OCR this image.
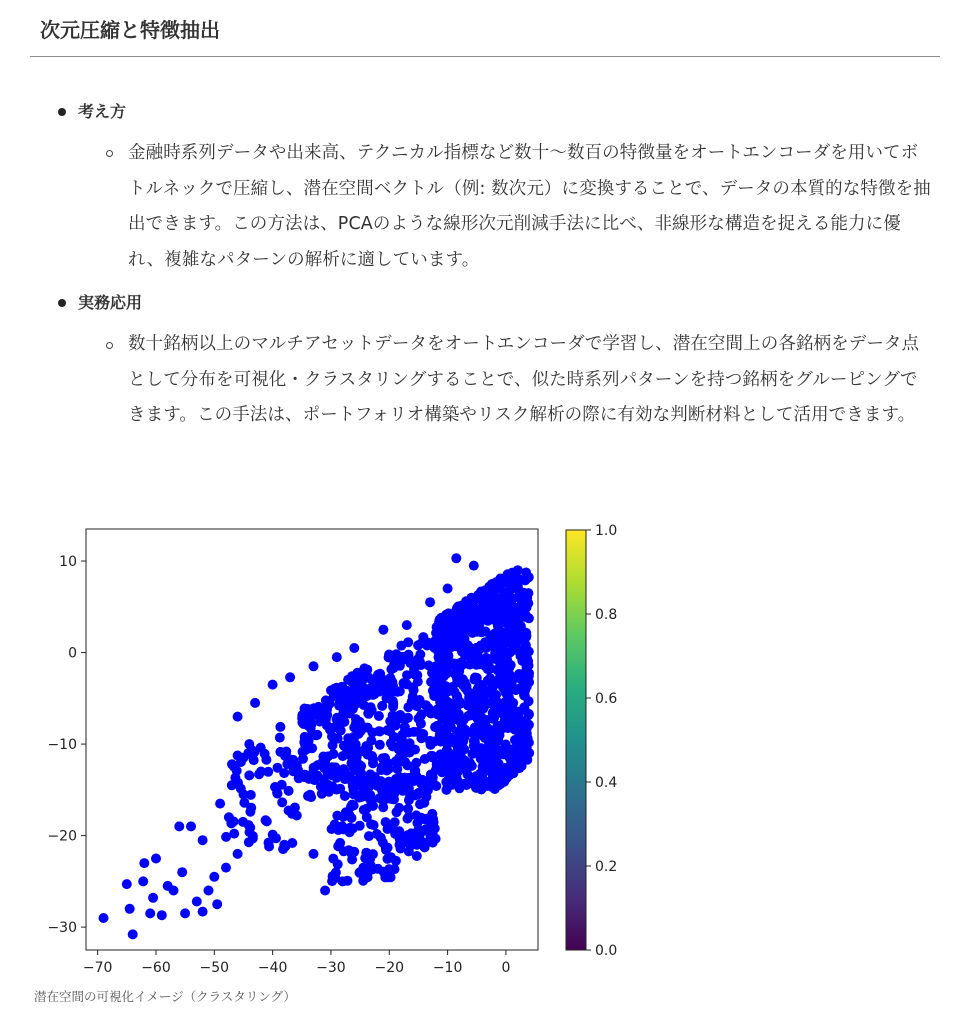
次元圧縮と特徴抽出
考え方
金融時系列データや出来高、テクニカル指標など数十〜数百の特徴量をオートエンコーダを用いてボトルネックで圧縮し、潜在空間ベクトル（例: 数次元）に変換することで、データの本質的な特徴を抽出できます。この方法は、PCAのような線形次元削減手法に比べ、非線形な構造を捉える能力に優れ、複雑なパターンの解析に適しています。
実務応用
数十銘柄以上のマルチアセットデータをオートエンコーダで学習し、潜在空間上の各銘柄をデータ点として分布を可視化・クラスタリングすることで、似た時系列パターンを持つ銘柄をグルーピングできます。この手法は、ポートフォリオ構築やリスク解析の際に有効な判断材料として活用できます。
−70 −60 −50 −40 −30 −20 −10	0
10
0
−10
−20
−30
1.0
0.8
0.6
0.4
0.2
0.0
潜在空間の可視化イメージ（クラスタリング）
